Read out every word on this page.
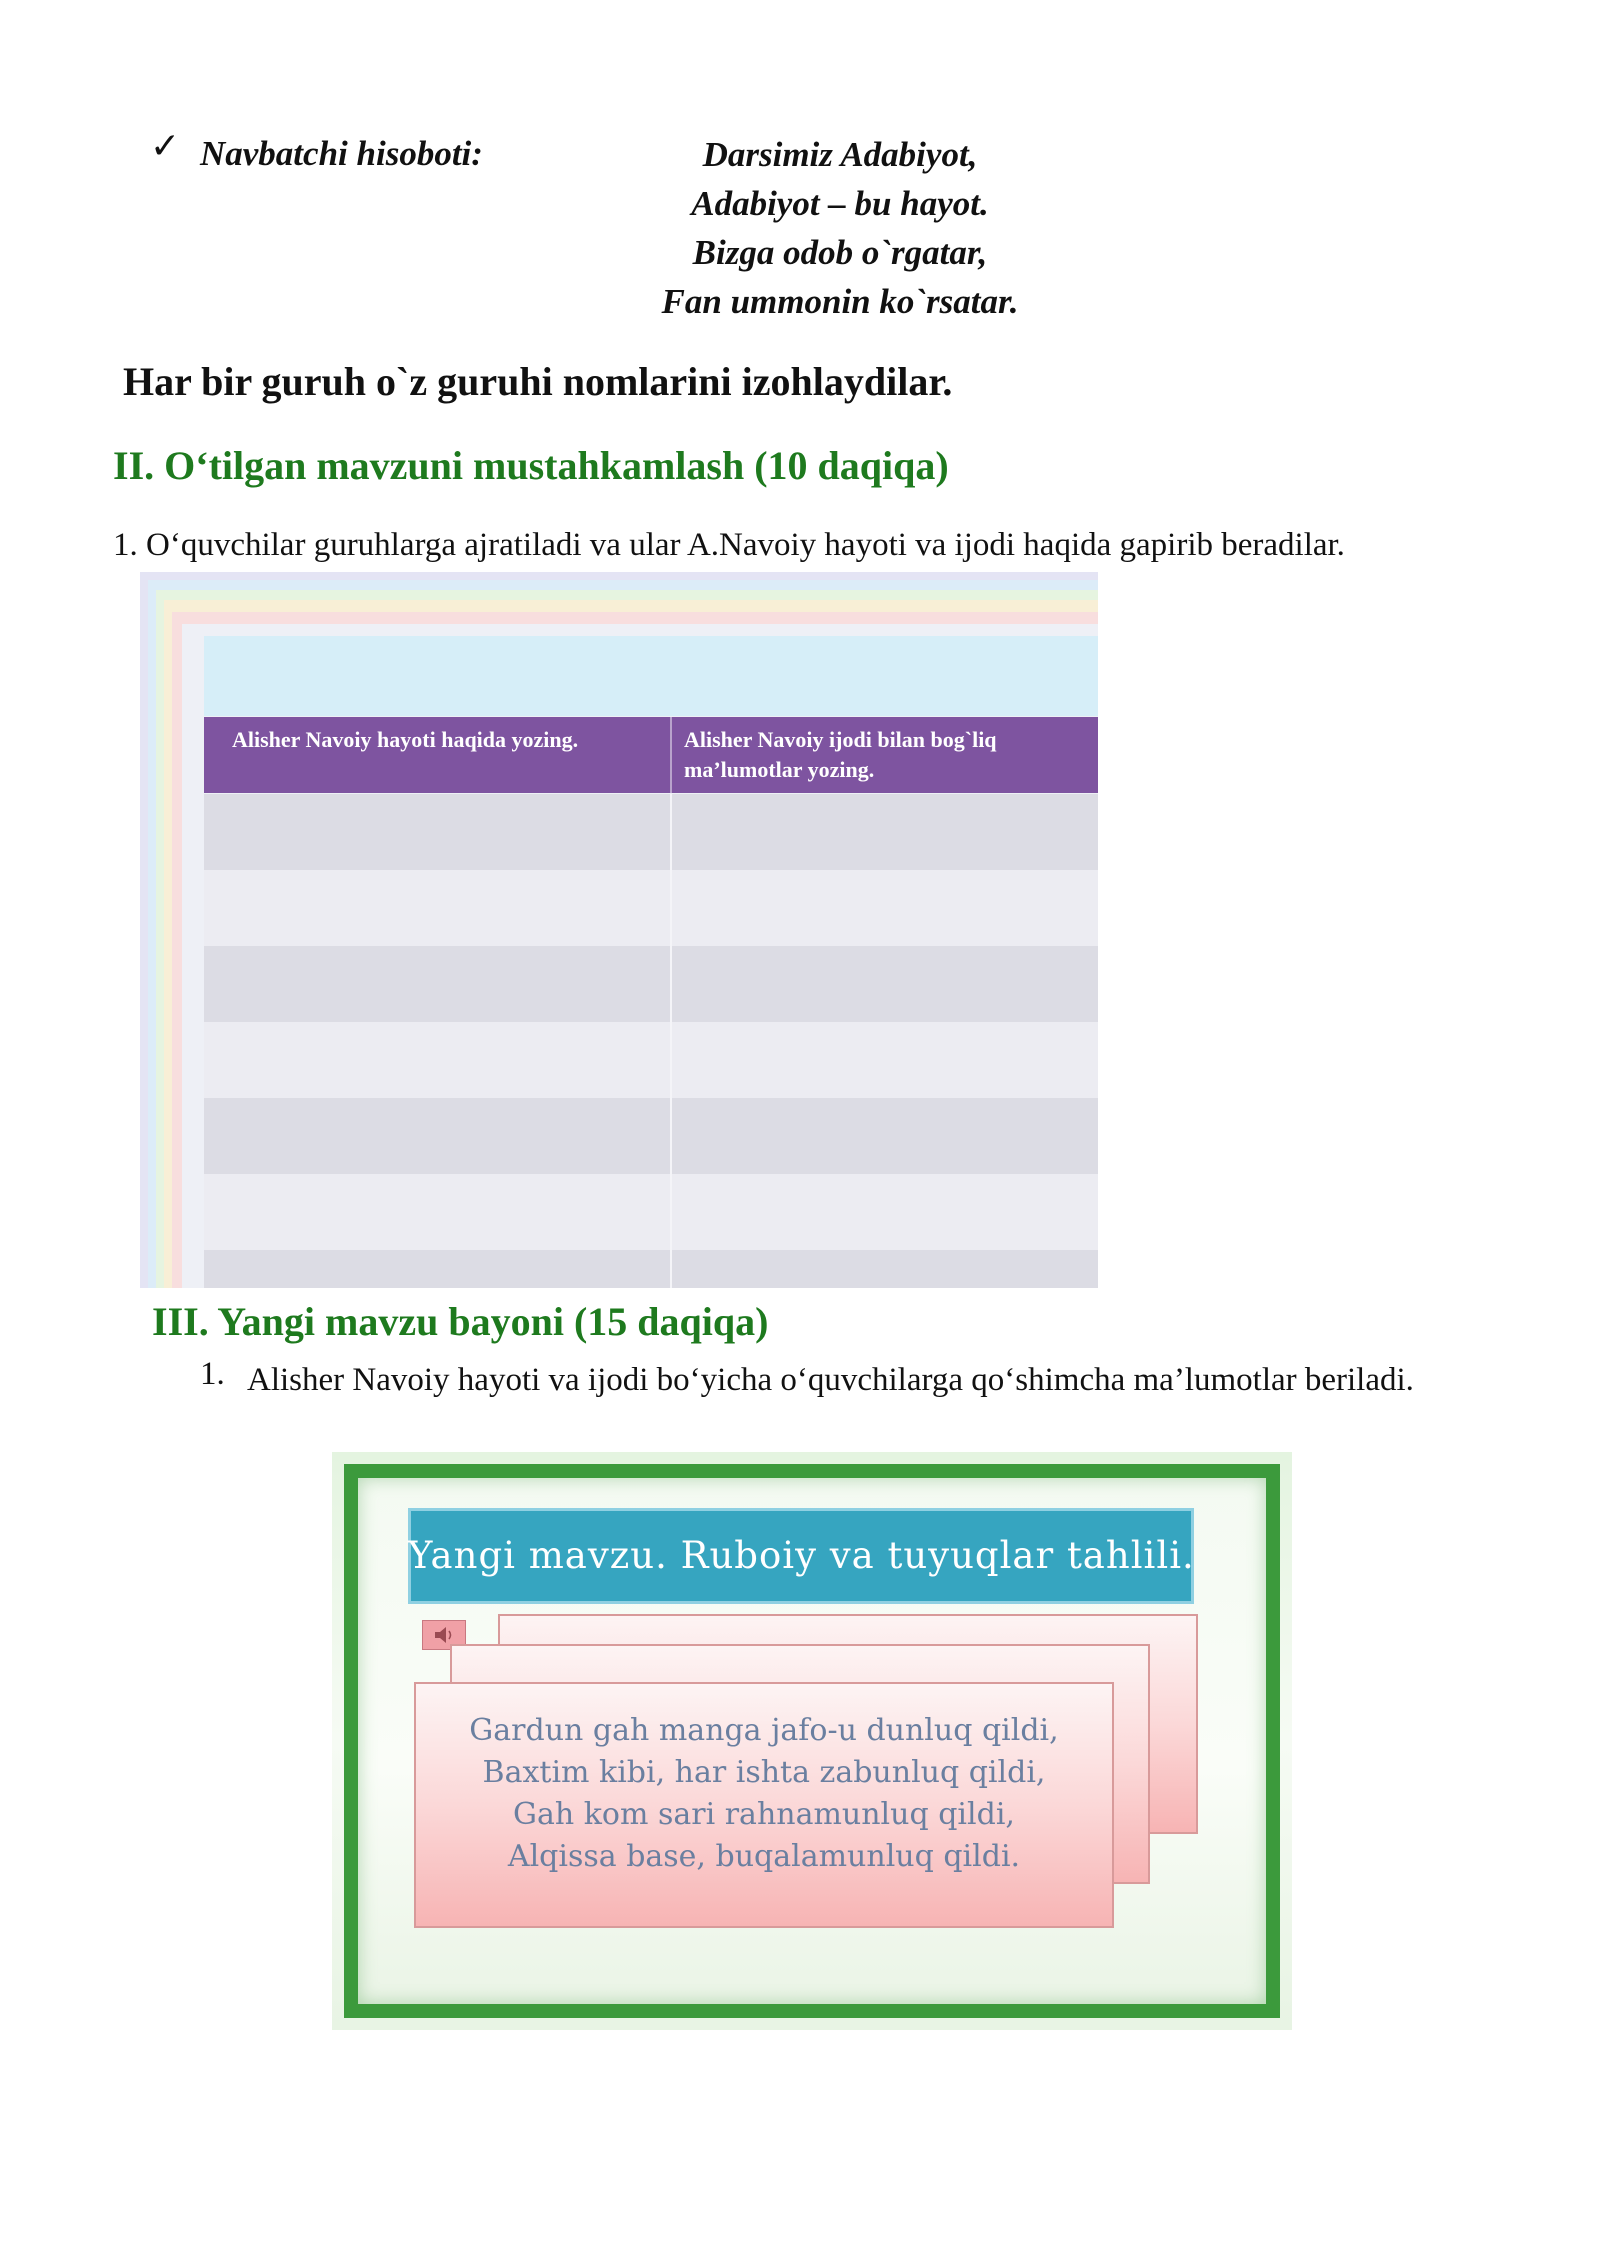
✓ Navbatchi hisoboti:	Darsimiz Adabiyot,
Adabiyot – bu hayot.
Bizga odob o`rgatar,
Fan ummonin ko`rsatar.
Har bir guruh o`z guruhi nomlarini izohlaydilar.
II. O‘tilgan mavzuni mustahkamlash (10 daqiqa)
1. O‘quvchilar guruhlarga ajratiladi va ular A.Navoiy hayoti va ijodi haqida gapirib beradilar.
Alisher Navoiy hayoti haqida yozing.	Alisher Navoiy ijodi bilan bog`liq ma’lumotlar yozing.
III. Yangi mavzu bayoni (15 daqiqa)
1. Alisher Navoiy hayoti va ijodi bo‘yicha o‘quvchilarga qo‘shimcha ma’lumotlar beriladi.
Yangi mavzu. Ruboiy va tuyuqlar tahlili.
Gardun gah manga jafo-u dunluq qildi,
Baxtim kibi, har ishta zabunluq qildi,
Gah kom sari rahnamunluq qildi,
Alqissa base, buqalamunluq qildi.
